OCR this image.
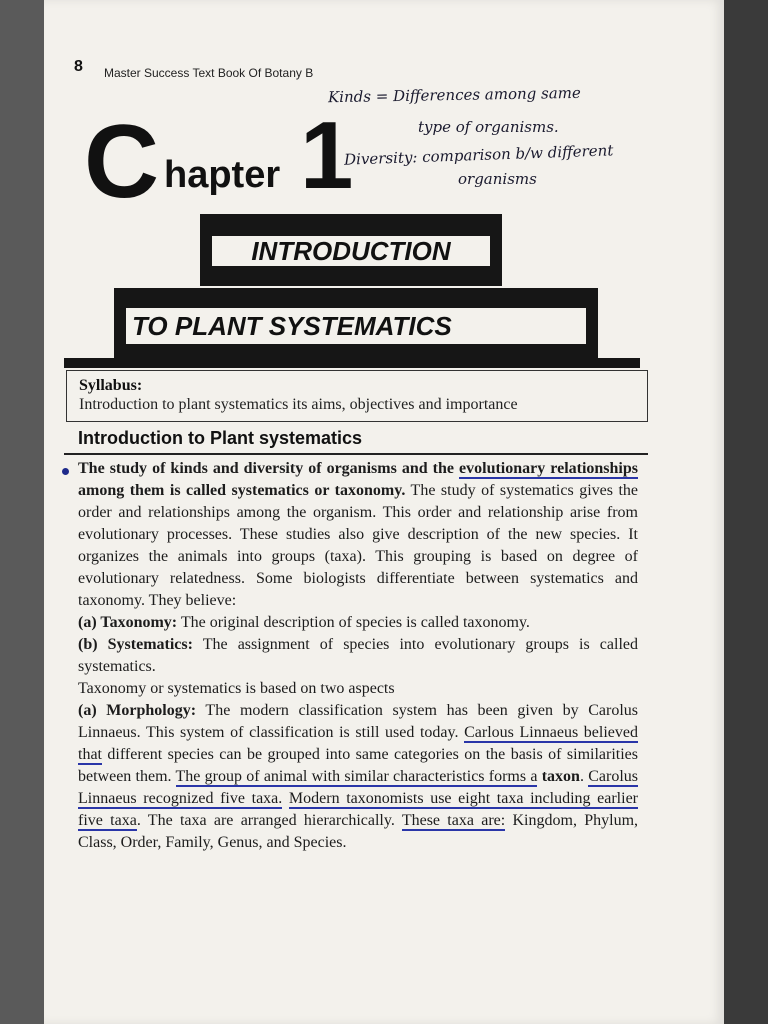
8 Master Success Text Book Of Botany B
C hapter 1
Kinds = Differences among same
type of organisms.
Diversity: comparison b/w different
organisms
INTRODUCTION
TO PLANT SYSTEMATICS
Syllabus:
Introduction to plant systematics its aims, objectives and importance
Introduction to Plant systematics

The study of kinds and diversity of organisms and the evolutionary relationships among them is called systematics or taxonomy. The study of systematics gives the order and relationships among the organism. This order and relationship arise from evolutionary processes. These studies also give description of the new species. It organizes the animals into groups (taxa). This grouping is based on degree of evolutionary relatedness. Some biologists differentiate between systematics and taxonomy. They believe:

(a) Taxonomy: The original description of species is called taxonomy.

(b) Systematics: The assignment of species into evolutionary groups is called systematics.

Taxonomy or systematics is based on two aspects

(a) Morphology: The modern classification system has been given by Carolus Linnaeus. This system of classification is still used today. Carlous Linnaeus believed that different species can be grouped into same categories on the basis of similarities between them. The group of animal with similar characteristics forms a taxon. Carolus Linnaeus recognized five taxa. Modern taxonomists use eight taxa including earlier five taxa. The taxa are arranged hierarchically. These taxa are: Kingdom, Phylum, Class, Order, Family, Genus, and Species.
